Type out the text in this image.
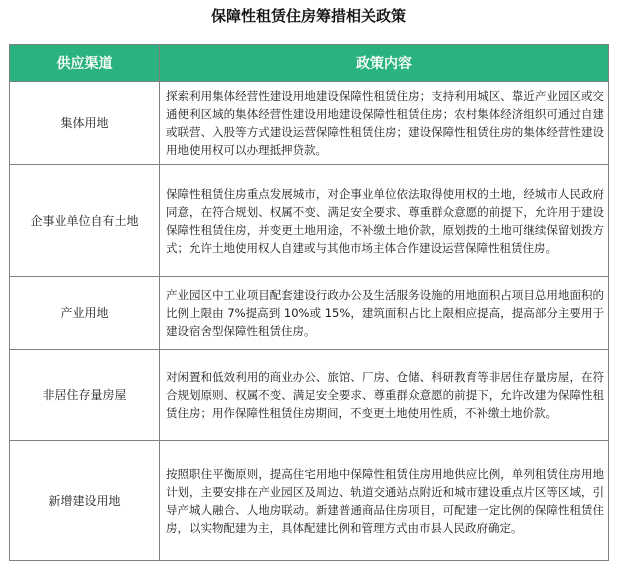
保障性租赁住房筹措相关政策
供应渠道	政策内容
集体用地	探索利用集体经营性建设用地建设保障性租赁住房；支持利用城区、靠近产业园区或交通便利区域的集体经营性建设用地建设保障性租赁住房；农村集体经济组织可通过自建或联营、入股等方式建设运营保障性租赁住房；建设保障性租赁住房的集体经营性建设用地使用权可以办理抵押贷款。
企事业单位自有土地	保障性租赁住房重点发展城市，对企事业单位依法取得使用权的土地，经城市人民政府同意，在符合规划、权属不变、满足安全要求、尊重群众意愿的前提下，允许用于建设保障性租赁住房，并变更土地用途，不补缴土地价款，原划拨的土地可继续保留划拨方式；允许土地使用权人自建或与其他市场主体合作建设运营保障性租赁住房。
产业用地	产业园区中工业项目配套建设行政办公及生活服务设施的用地面积占项目总用地面积的比例上限由 7%提高到 10%或 15%，建筑面积占比上限相应提高，提高部分主要用于建设宿舍型保障性租赁住房。
非居住存量房屋	对闲置和低效利用的商业办公、旅馆、厂房、仓储、科研教育等非居住存量房屋，在符合规划原则、权属不变、满足安全要求、尊重群众意愿的前提下，允许改建为保障性租赁住房；用作保障性租赁住房期间，不变更土地使用性质，不补缴土地价款。
新增建设用地	按照职住平衡原则，提高住宅用地中保障性租赁住房用地供应比例，单列租赁住房用地计划，主要安排在产业园区及周边、轨道交通站点附近和城市建设重点片区等区域，引导产城人融合、人地房联动。新建普通商品住房项目，可配建一定比例的保障性租赁住房，以实物配建为主，具体配建比例和管理方式由市县人民政府确定。
